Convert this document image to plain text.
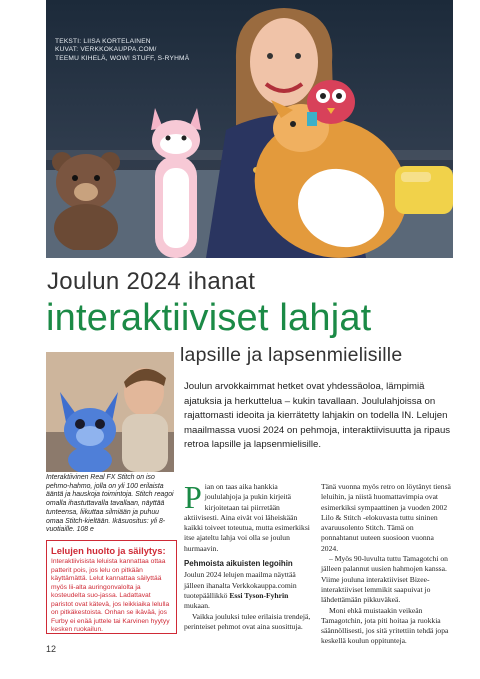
TEKSTI: LIISA KORTELAINEN
KUVAT: VERKKOKAUPPA.COM/
TEEMU KIHELÄ, WOW! STUFF, S-RYHMÄ
Joulun 2024 ihanat
interaktiiviset lahjat
lapsille ja lapsenmielisille
Interaktiivinen Real FX Stitch on iso pehmo-hahmo, jolla on yli 100 erilaista ääntä ja hauskoja toimintoja. Stitch reagoi omalla ihastuttavalla tavallaan, näyttää tunteensa, liikuttaa silmiään ja puhuu omaa Stitch-kieltään. Ikäsuositus: yli 8-vuotiaille. 108 e
Lelujen huolto ja säilytys:
Interaktiivisista leluista kannattaa ottaa patterit pois, jos lelu on pitkään käyttämättä. Lelut kannattaa säilyttää myös lii-alta auringonvalolta ja kosteudelta suo-jassa. Ladattavat paristot ovat kätevä, jos leikkiaika lelulla on pitkäkestoista. Onhan se ikävää, jos Furby ei enää juttele tai Karvinen hyytyy kesken ruokailun.
Joulun arvokkaimmat hetket ovat yhdessäoloa, lämpimiä ajatuksia ja herkuttelua – kukin tavallaan. Joululahjoissa on rajattomasti ideoita ja kierrätetty lahjakin on todella IN. Lelujen maailmassa vuosi 2024 on pehmoja, interaktiivisuutta ja ripaus retroa lapsille ja lapsenmielisille.

Pian on taas aika hankkia joululahjoja ja pukin kirjeitä kirjoitetaan tai piirretään aktiivisesti. Aina eivät voi läheiskään kaikki toiveet toteutua, mutta esimerkiksi itse ajateltu lahja voi olla se joulun hurmaavin.

Pehmoista aikuisten legoihin

Joulun 2024 lelujen maailma näyttää jälleen ihanalta Verkkokauppa.comin tuotepäällikkö Essi Tyson-Fyhrin mukaan.

Vaikka jouluksi tulee erilaisia trendejä, perinteiset pehmot ovat aina suosittuja.

Tänä vuonna myös retro on löytänyt tiensä leluihin, ja niistä huomattavimpia ovat esimerkiksi sympaattinen ja vuoden 2002 Lilo & Stitch -elokuvasta tuttu sininen avaruusolento Stitch. Tämä on ponnahtanut uuteen suosioon vuonna 2024.

– Myös 90-luvulta tuttu Tamagotchi on jälleen palannut uusien hahmojen kanssa. Viime jouluna interaktiiviset Bizee-interaktiiviset lemmikit saapuivat jo lähdettämään pikkuväkeä.

Moni ehkä muistaakin veikeän Tamagotchin, jota piti hoitaa ja ruokkia säännöllisesti, jos sitä yritettiin tehdä jopa keskellä koulun oppitunteja.

12
